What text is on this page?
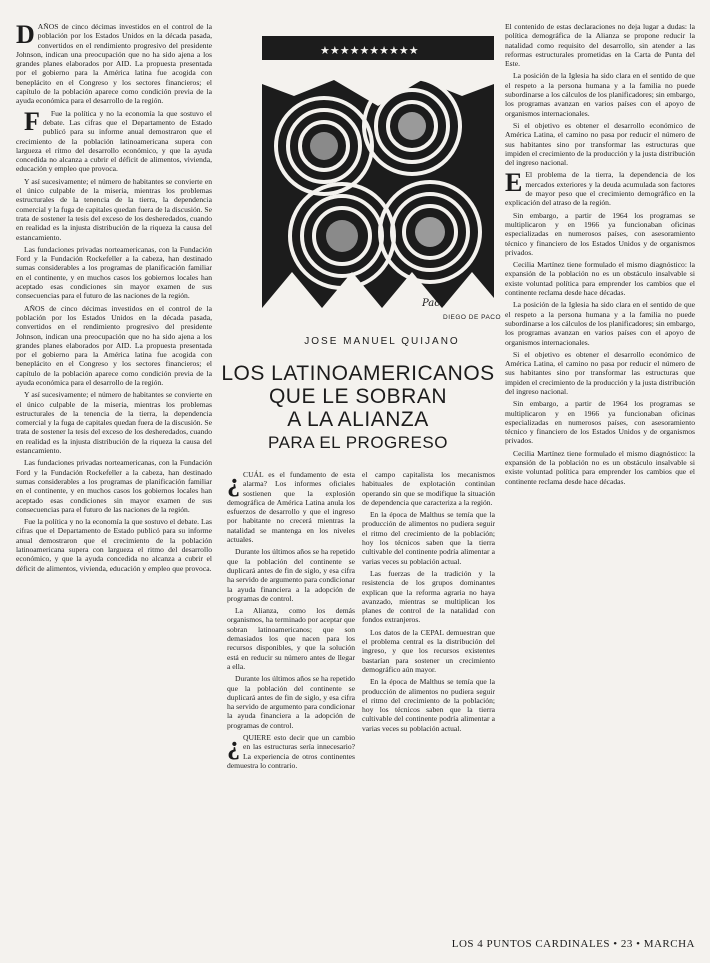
DAÑOS de cinco décimas investidos en el control de la población por los Estados Unidos en la década pasada, convertidos en el rendimiento progresivo del presidente Johnson, indican una preocupación que no ha sido ajena a los grandes planes elaborados por AID. La propuesta presentada por el gobierno para la América latina fue acogida con beneplácito en el Congreso y los sectores financieros; el capítulo de la población aparece como condición previa de la ayuda económica para el desarrollo de la región.

F Fue la política y no la economía la que sostuvo el debate. Las cifras que el Departamento de Estado publicó para su informe anual demostraron que el crecimiento de la población latinoamericana supera con largueza el ritmo del desarrollo económico, y que la ayuda concedida no alcanza a cubrir el déficit de alimentos, vivienda, educación y empleo que provoca.

Y así sucesivamente; el número de habitantes se convierte en el único culpable de la miseria, mientras los problemas estructurales de la tenencia de la tierra, la dependencia comercial y la fuga de capitales quedan fuera de la discusión. Se trata de sostener la tesis del exceso de los desheredados, cuando en realidad es la injusta distribución de la riqueza la causa del estancamiento.

Las fundaciones privadas norteamericanas, con la Fundación Ford y la Fundación Rockefeller a la cabeza, han destinado sumas considerables a los programas de planificación familiar en el continente, y en muchos casos los gobiernos locales han aceptado esas condiciones sin mayor examen de sus consecuencias para el futuro de las naciones de la región.

AÑOS de cinco décimas investidos en el control de la población por los Estados Unidos en la década pasada, convertidos en el rendimiento progresivo del presidente Johnson, indican una preocupación que no ha sido ajena a los grandes planes elaborados por AID. La propuesta presentada por el gobierno para la América latina fue acogida con beneplácito en el Congreso y los sectores financieros; el capítulo de la población aparece como condición previa de la ayuda económica para el desarrollo de la región.

Y así sucesivamente; el número de habitantes se convierte en el único culpable de la miseria, mientras los problemas estructurales de la tenencia de la tierra, la dependencia comercial y la fuga de capitales quedan fuera de la discusión. Se trata de sostener la tesis del exceso de los desheredados, cuando en realidad es la injusta distribución de la riqueza la causa del estancamiento.

Las fundaciones privadas norteamericanas, con la Fundación Ford y la Fundación Rockefeller a la cabeza, han destinado sumas considerables a los programas de planificación familiar en el continente, y en muchos casos los gobiernos locales han aceptado esas condiciones sin mayor examen de sus consecuencias para el futuro de las naciones de la región.

Fue la política y no la economía la que sostuvo el debate. Las cifras que el Departamento de Estado publicó para su informe anual demostraron que el crecimiento de la población latinoamericana supera con largueza el ritmo del desarrollo económico, y que la ayuda concedida no alcanza a cubrir el déficit de alimentos, vivienda, educación y empleo que provoca.

★★★★★★★★★★
Paco
DIEGO DE PACO
JOSE MANUEL QUIJANO
LOS LATINOAMERICANOS
QUE LE SOBRAN
A LA ALIANZA
PARA EL PROGRESO

¿ CUÁL es el fundamento de esta alarma? Los informes oficiales sostienen que la explosión demográfica de América Latina anula los esfuerzos de desarrollo y que el ingreso por habitante no crecerá mientras la natalidad se mantenga en los niveles actuales.

Durante los últimos años se ha repetido que la población del continente se duplicará antes de fin de siglo, y esa cifra ha servido de argumento para condicionar la ayuda financiera a la adopción de programas de control.

La Alianza, como los demás organismos, ha terminado por aceptar que sobran latinoamericanos; que son demasiados los que nacen para los recursos disponibles, y que la solución está en reducir su número antes de llegar a ella.

Durante los últimos años se ha repetido que la población del continente se duplicará antes de fin de siglo, y esa cifra ha servido de argumento para condicionar la ayuda financiera a la adopción de programas de control.

¿ QUIERE esto decir que un cambio en las estructuras sería innecesario? La experiencia de otros continentes demuestra lo contrario.

el campo capitalista los mecanismos habituales de explotación continúan operando sin que se modifique la situación de dependencia que caracteriza a la región.

En la época de Malthus se temía que la producción de alimentos no pudiera seguir el ritmo del crecimiento de la población; hoy los técnicos saben que la tierra cultivable del continente podría alimentar a varias veces su población actual.

Las fuerzas de la tradición y la resistencia de los grupos dominantes explican que la reforma agraria no haya avanzado, mientras se multiplican los planes de control de la natalidad con fondos extranjeros.

Los datos de la CEPAL demuestran que el problema central es la distribución del ingreso, y que los recursos existentes bastarían para sostener un crecimiento demográfico aún mayor.

En la época de Malthus se temía que la producción de alimentos no pudiera seguir el ritmo del crecimiento de la población; hoy los técnicos saben que la tierra cultivable del continente podría alimentar a varias veces su población actual.

El contenido de estas declaraciones no deja lugar a dudas: la política demográfica de la Alianza se propone reducir la natalidad como requisito del desarrollo, sin atender a las reformas estructurales prometidas en la Carta de Punta del Este.

La posición de la Iglesia ha sido clara en el sentido de que el respeto a la persona humana y a la familia no puede subordinarse a los cálculos de los planificadores; sin embargo, los programas avanzan en varios países con el apoyo de organismos internacionales.

Si el objetivo es obtener el desarrollo económico de América Latina, el camino no pasa por reducir el número de sus habitantes sino por transformar las estructuras que impiden el crecimiento de la producción y la justa distribución del ingreso nacional.

E El problema de la tierra, la dependencia de los mercados exteriores y la deuda acumulada son factores de mayor peso que el crecimiento demográfico en la explicación del atraso de la región.

Sin embargo, a partir de 1964 los programas se multiplicaron y en 1966 ya funcionaban oficinas especializadas en numerosos países, con asesoramiento técnico y financiero de los Estados Unidos y de organismos privados.

Cecilia Martínez tiene formulado el mismo diagnóstico: la expansión de la población no es un obstáculo insalvable si existe voluntad política para emprender los cambios que el continente reclama desde hace décadas.

La posición de la Iglesia ha sido clara en el sentido de que el respeto a la persona humana y a la familia no puede subordinarse a los cálculos de los planificadores; sin embargo, los programas avanzan en varios países con el apoyo de organismos internacionales.

Si el objetivo es obtener el desarrollo económico de América Latina, el camino no pasa por reducir el número de sus habitantes sino por transformar las estructuras que impiden el crecimiento de la producción y la justa distribución del ingreso nacional.

Sin embargo, a partir de 1964 los programas se multiplicaron y en 1966 ya funcionaban oficinas especializadas en numerosos países, con asesoramiento técnico y financiero de los Estados Unidos y de organismos privados.

Cecilia Martínez tiene formulado el mismo diagnóstico: la expansión de la población no es un obstáculo insalvable si existe voluntad política para emprender los cambios que el continente reclama desde hace décadas.

LOS 4 PUNTOS CARDINALES • 23 • MARCHA
